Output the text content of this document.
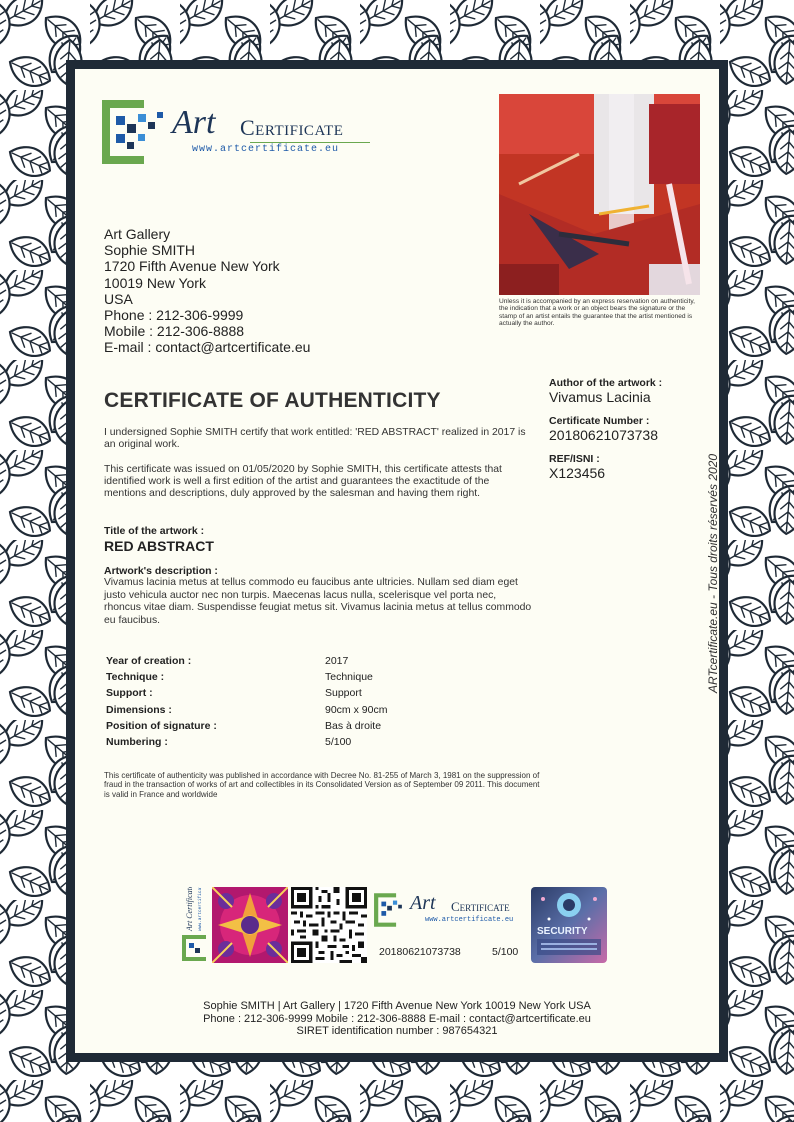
Art Certificate
www.artcertificate.eu
Art Gallery
Sophie SMITH
1720 Fifth Avenue New York
10019 New York
USA
Phone : 212-306-9999
Mobile : 212-306-8888
E-mail : contact@artcertificate.eu
Unless it is accompanied by an express reservation on authenticity, the indication that a work or an object bears the signature or the stamp of an artist entails the guarantee that the artist mentioned is actually the author.
Author of the artwork :
Vivamus Lacinia
Certificate Number :
20180621073738
REF/ISNI :
X123456
CERTIFICATE OF AUTHENTICITY
I undersigned Sophie SMITH certify that work entitled: 'RED ABSTRACT' realized in 2017 is an original work.
This certificate was issued on 01/05/2020 by Sophie SMITH, this certificate attests that identified work is well a first edition of the artist and guarantees the exactitude of the mentions and descriptions, duly approved by the salesman and having them right.
Title of the artwork :
RED ABSTRACT
Artwork's description :
Vivamus lacinia metus at tellus commodo eu faucibus ante ultricies. Nullam sed diam eget justo vehicula auctor nec non turpis. Maecenas lacus nulla, scelerisque vel porta nec, rhoncus vitae diam. Suspendisse feugiat metus sit. Vivamus lacinia metus at tellus commodo eu faucibus.
Year of creation :	2017
Technique :	Technique
Support :	Support
Dimensions :	90cm x 90cm
Position of signature :	Bas à droite
Numbering :	5/100
This certificate of authenticity was published in accordance with Decree No. 81-255 of March 3, 1981 on the suppression of fraud in the transaction of works of art and collectibles in its Consolidated Version as of September 09 2011. This document is valid in France and worldwide
ARTcertificate.eu - Tous droits réservés 2020
Art Certificate www.artcertificate.eu	Art Certificate
www.artcertificate.eu
20180621073738	5/100
SECURITY
Sophie SMITH | Art Gallery | 1720 Fifth Avenue New York 10019 New York USA
Phone : 212-306-9999 Mobile : 212-306-8888 E-mail : contact@artcertificate.eu
SIRET identification number : 987654321
